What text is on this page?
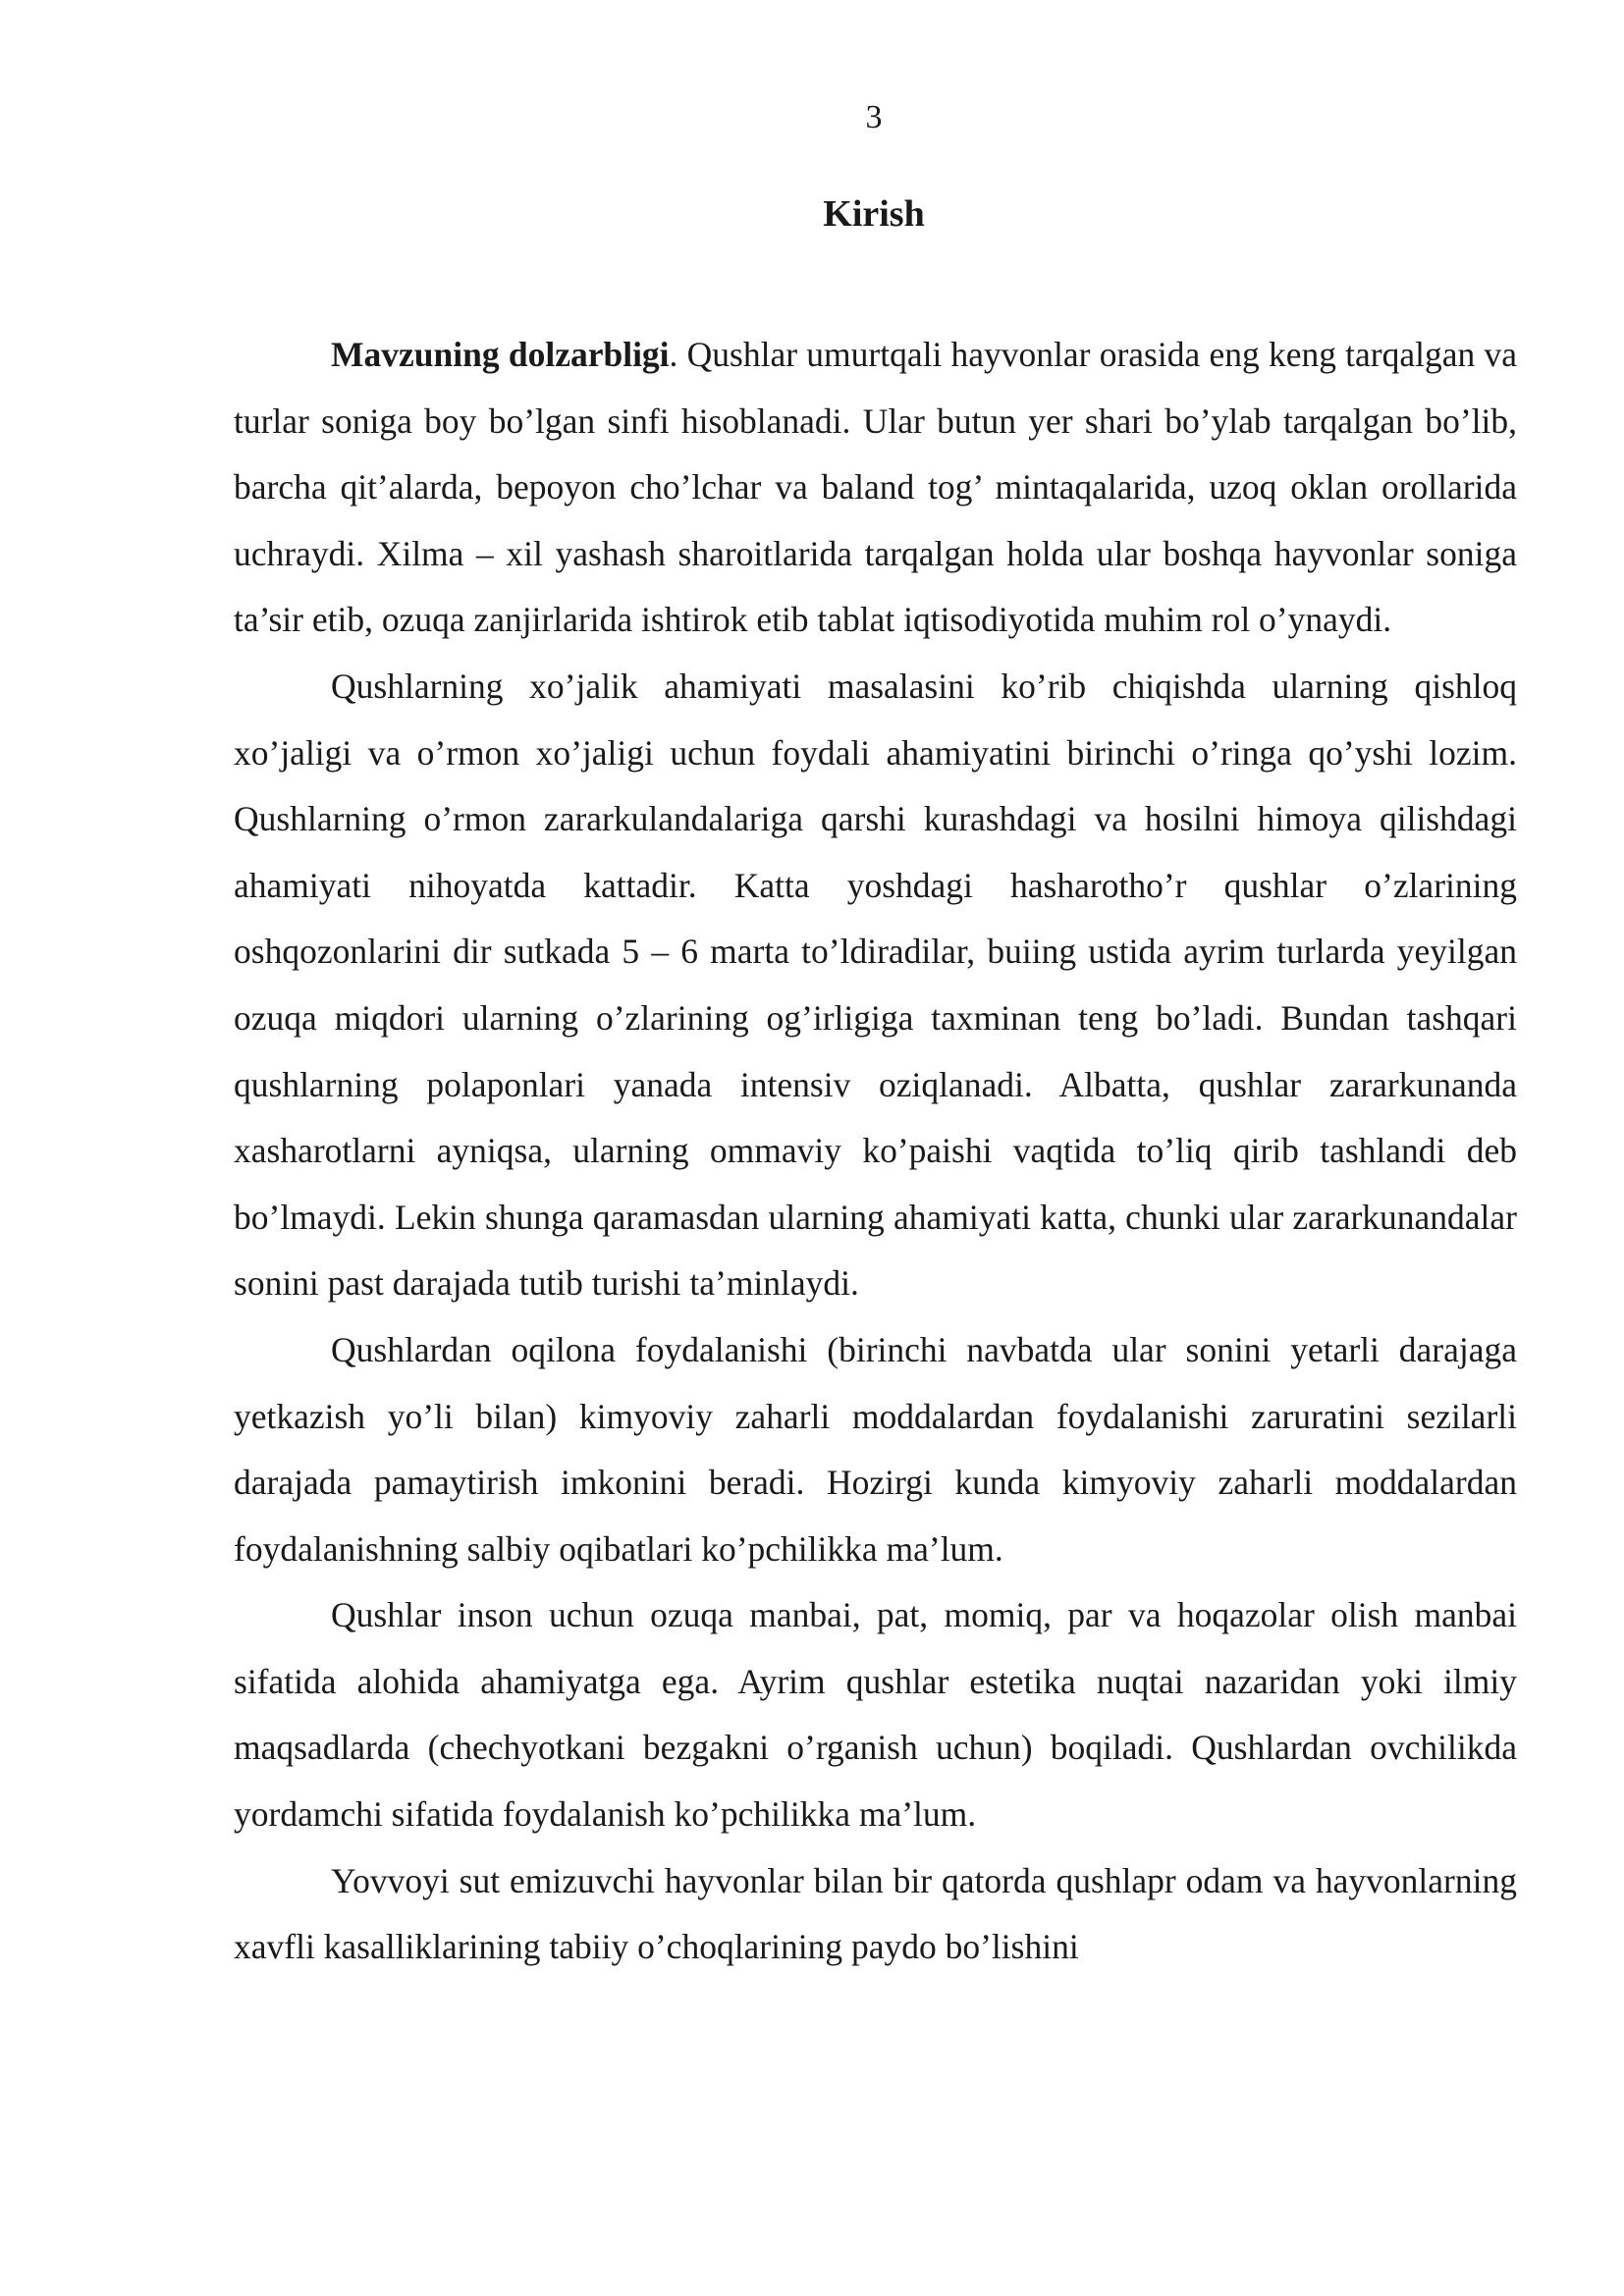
3
Kirish

Mavzuning dolzarbligi. Qushlar umurtqali hayvonlar orasida eng keng tarqalgan va turlar soniga boy bo’lgan sinfi hisoblanadi. Ular butun yer shari bo’ylab tarqalgan bo’lib, barcha qit’alarda, bepoyon cho’lchar va baland tog’ mintaqalarida, uzoq oklan orollarida uchraydi. Xilma – xil yashash sharoitlarida tarqalgan holda ular boshqa hayvonlar soniga ta’sir etib, ozuqa zanjirlarida ishtirok etib tablat iqtisodiyotida muhim rol o’ynaydi.

Qushlarning xo’jalik ahamiyati masalasini ko’rib chiqishda ularning qishloq xo’jaligi va o’rmon xo’jaligi uchun foydali ahamiyatini birinchi o’ringa qo’yshi lozim. Qushlarning o’rmon zararkulandalariga qarshi kurashdagi va hosilni himoya qilishdagi ahamiyati nihoyatda kattadir. Katta yoshdagi hasharotho’r qushlar o’zlarining oshqozonlarini dir sutkada 5 – 6 marta to’ldiradilar, buiing ustida ayrim turlarda yeyilgan ozuqa miqdori ularning o’zlarining og’irligiga taxminan teng bo’ladi. Bundan tashqari qushlarning polaponlari yanada intensiv oziqlanadi. Albatta, qushlar zararkunanda xasharotlarni ayniqsa, ularning ommaviy ko’paishi vaqtida to’liq qirib tashlandi deb bo’lmaydi. Lekin shunga qaramasdan ularning ahamiyati katta, chunki ular zararkunandalar sonini past darajada tutib turishi ta’minlaydi.

Qushlardan oqilona foydalanishi (birinchi navbatda ular sonini yetarli darajaga yetkazish yo’li bilan) kimyoviy zaharli moddalardan foydalanishi zaruratini sezilarli darajada pamaytirish imkonini beradi. Hozirgi kunda kimyoviy zaharli moddalardan foydalanishning salbiy oqibatlari ko’pchilikka ma’lum.

Qushlar inson uchun ozuqa manbai, pat, momiq, par va hoqazolar olish manbai sifatida alohida ahamiyatga ega. Ayrim qushlar estetika nuqtai nazaridan yoki ilmiy maqsadlarda (chechyotkani bezgakni o’rganish uchun) boqiladi. Qushlardan ovchilikda yordamchi sifatida foydalanish ko’pchilikka ma’lum.

Yovvoyi sut emizuvchi hayvonlar bilan bir qatorda qushlapr odam va hayvonlarning xavfli kasalliklarining tabiiy o’choqlarining paydo bo’lishini
